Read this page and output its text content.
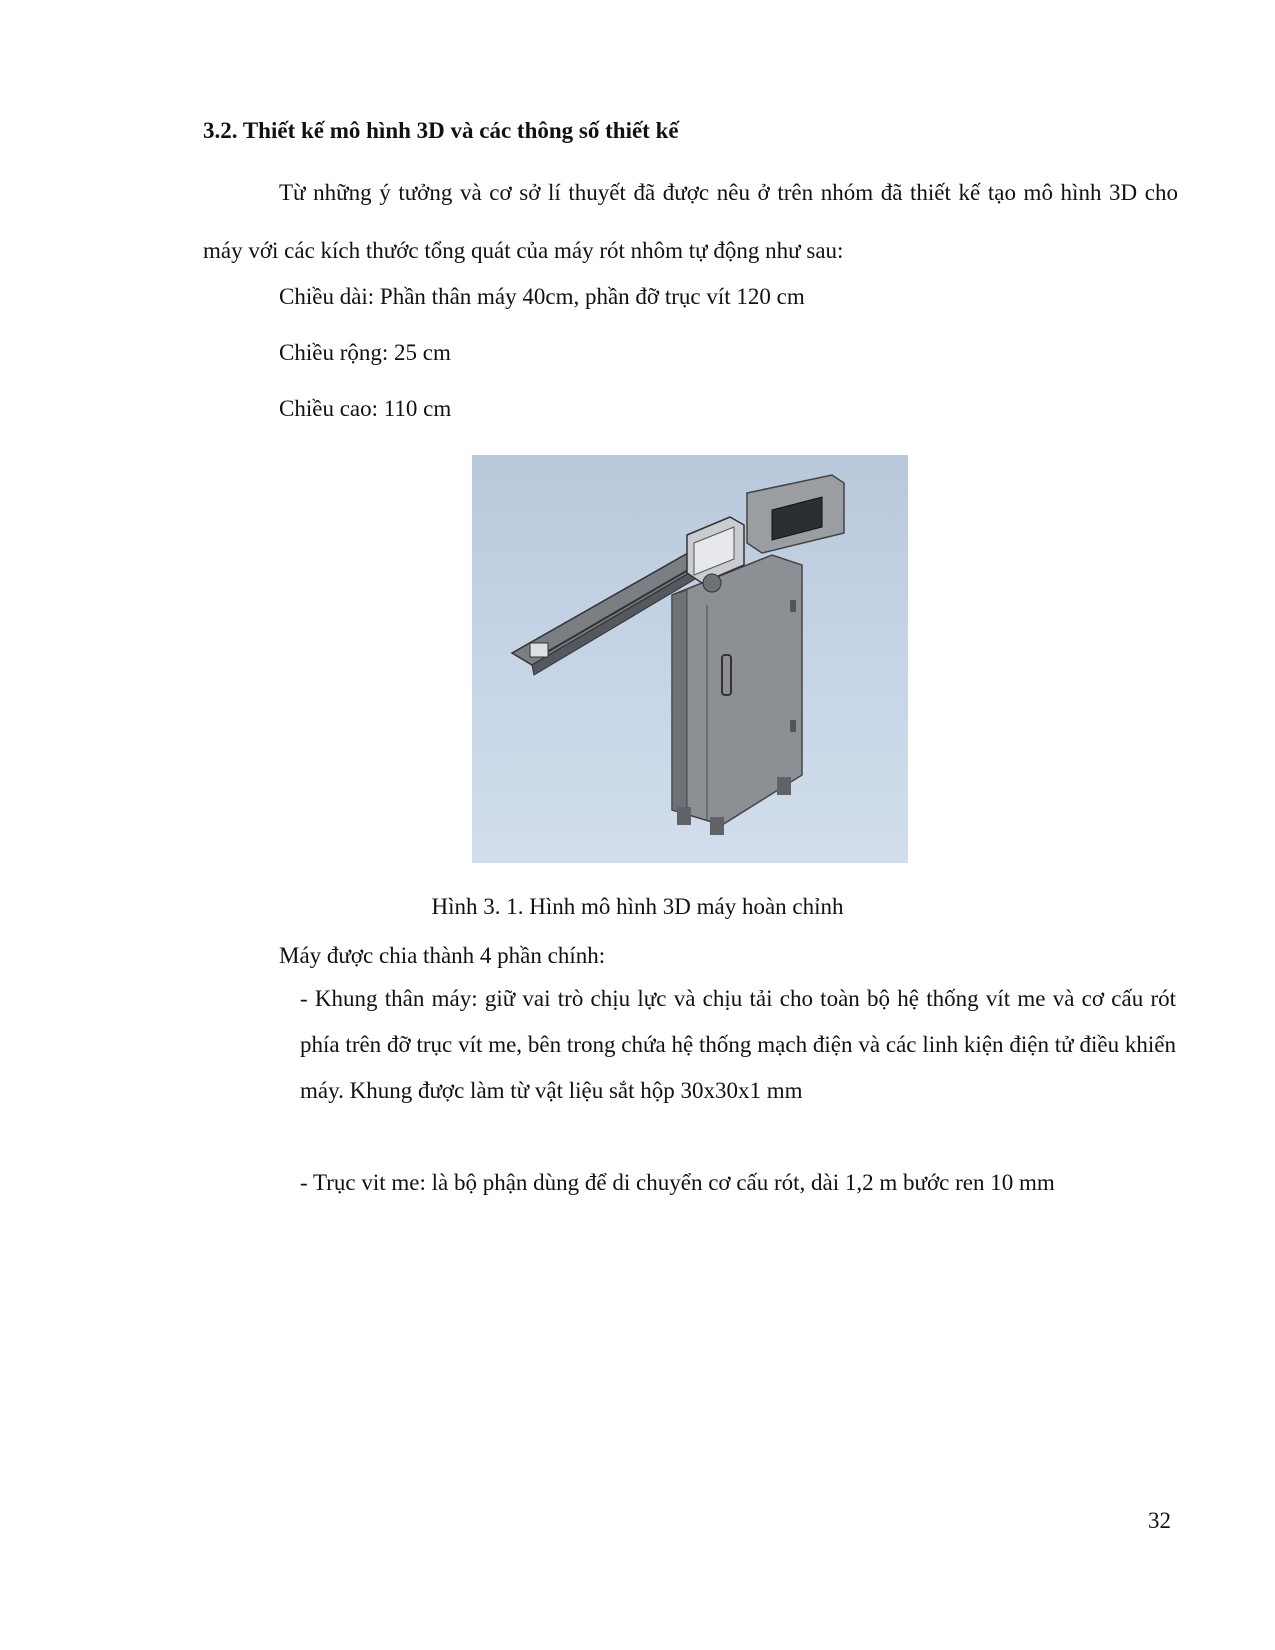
3.2. Thiết kế mô hình 3D và các thông số thiết kế

Từ những ý tưởng và cơ sở lí thuyết đã được nêu ở trên nhóm đã thiết kế tạo mô hình 3D cho máy với các kích thước tổng quát của máy rót nhôm tự động như sau:

Chiều dài: Phần thân máy 40cm, phần đỡ trục vít 120 cm

Chiều rộng: 25 cm

Chiều cao: 110 cm

Hình 3. 1. Hình mô hình 3D máy hoàn chỉnh

Máy được chia thành 4 phần chính:

- Khung thân máy: giữ vai trò chịu lực và chịu tải cho toàn bộ hệ thống vít me và cơ cấu rót phía trên đỡ trục vít me, bên trong chứa hệ thống mạch điện và các linh kiện điện tử điều khiển máy. Khung được làm từ vật liệu sắt hộp 30x30x1 mm

- Trục vit me: là bộ phận dùng để di chuyển cơ cấu rót, dài 1,2 m bước ren 10 mm

32
